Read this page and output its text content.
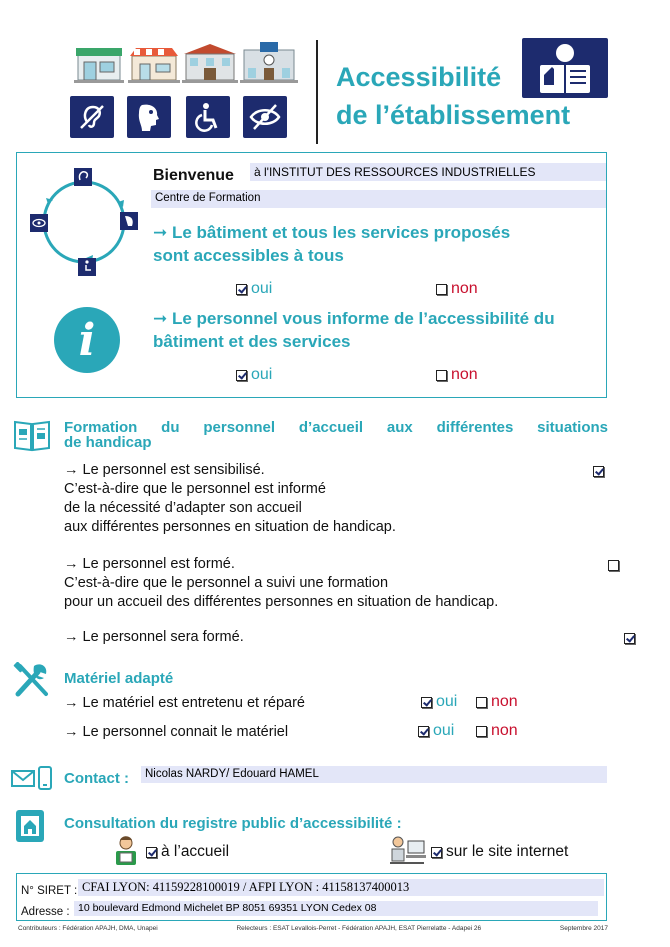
Accessibilité
de l’établissement
Bienvenue	à l'INSTITUT DES RESSOURCES INDUSTRIELLES
Centre de Formation
➞ Le bâtiment et tous les services proposés
sont accessibles à tous
oui	non
i	➞ Le personnel vous informe de l’accessibilité du
bâtiment et des services
oui	non
Formation du personnel d’accueil aux différentes situations
de handicap
→ Le personnel est sensibilisé.
C’est-à-dire que le personnel est informé
de la nécessité d’adapter son accueil
aux différentes personnes en situation de handicap.

→ Le personnel est formé.
C’est-à-dire que le personnel a suivi une formation
pour un accueil des différentes personnes en situation de handicap.

→ Le personnel sera formé.
Matériel adapté
→ Le matériel est entretenu et réparé	oui non
→ Le personnel connait le matériel	oui non
Contact :	Nicolas NARDY/ Edouard HAMEL
Consultation du registre public d’accessibilité :
à l’accueil	sur le site internet
N° SIRET : CFAI LYON: 41159228100019 / AFPI LYON : 41158137400013
Adresse : 10 boulevard Edmond Michelet BP 8051 69351 LYON Cedex 08
Contributeurs : Fédération APAJH, DMA, Unapei	Relecteurs : ESAT Levallois-Perret - Fédération APAJH, ESAT Pierrelatte - Adapei 26	Septembre 2017
